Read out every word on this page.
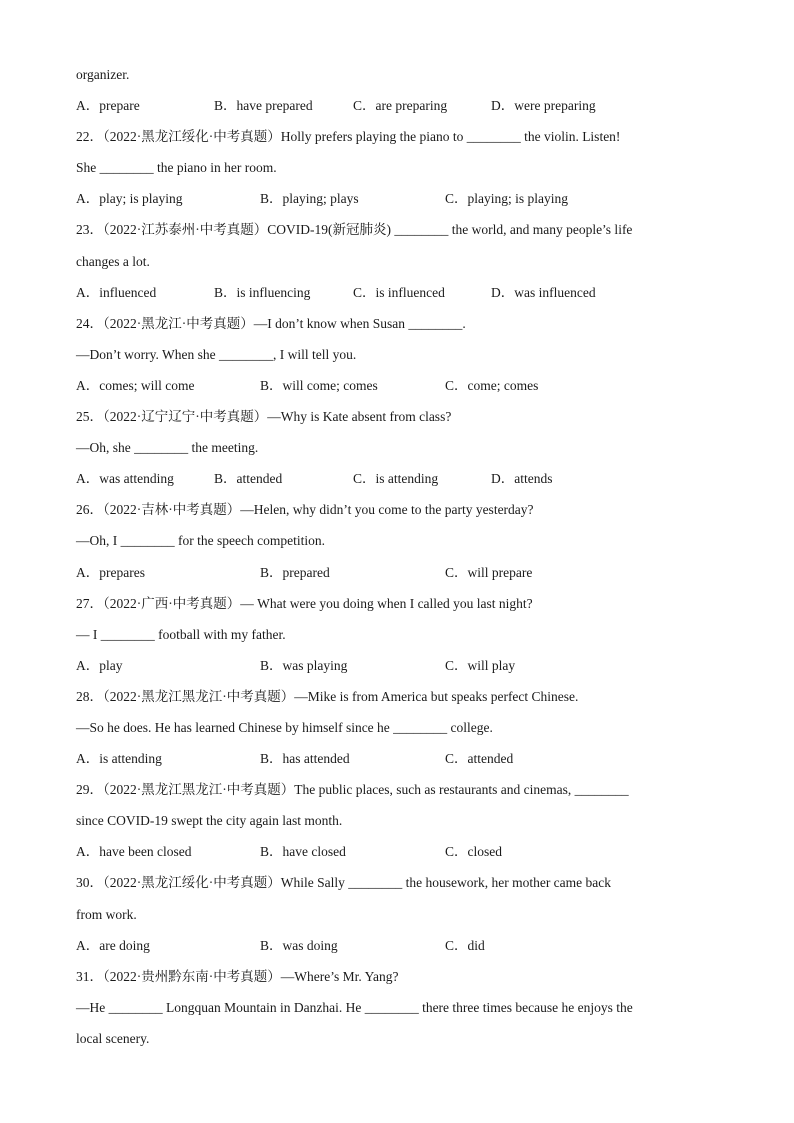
organizer.
A．prepare	B．have prepared	C．are preparing	D．were preparing
22．（2022·黑龙江绥化·中考真题）Holly prefers playing the piano to ________ the violin. Listen!
She ________ the piano in her room.
A．play; is playing	B．playing; plays	C．playing; is playing
23．（2022·江苏泰州·中考真题）COVID-19(新冠肺炎) ________ the world, and many people’s life
changes a lot.
A．influenced	B．is influencing	C．is influenced	D．was influenced
24．（2022·黑龙江·中考真题）—I don’t know when Susan ________.
—Don’t worry. When she ________, I will tell you.
A．comes; will come	B．will come; comes	C．come; comes
25．（2022·辽宁辽宁·中考真题）—Why is Kate absent from class?
—Oh, she ________ the meeting.
A．was attending	B．attended	C．is attending	D．attends
26．（2022·吉林·中考真题）—Helen, why didn’t you come to the party yesterday?
—Oh, I ________ for the speech competition.
A．prepares	B．prepared	C．will prepare
27．（2022·广西·中考真题）— What were you doing when I called you last night?
— I ________ football with my father.
A．play	B．was playing	C．will play
28．（2022·黑龙江黑龙江·中考真题）—Mike is from America but speaks perfect Chinese.
—So he does. He has learned Chinese by himself since he ________ college.
A．is attending	B．has attended	C．attended
29．（2022·黑龙江黑龙江·中考真题）The public places, such as restaurants and cinemas, ________
since COVID-19 swept the city again last month.
A．have been closed	B．have closed	C．closed
30．（2022·黑龙江绥化·中考真题）While Sally ________ the housework, her mother came back
from work.
A．are doing	B．was doing	C．did
31．（2022·贵州黔东南·中考真题）—Where’s Mr. Yang?
—He ________ Longquan Mountain in Danzhai. He ________ there three times because he enjoys the
local scenery.
